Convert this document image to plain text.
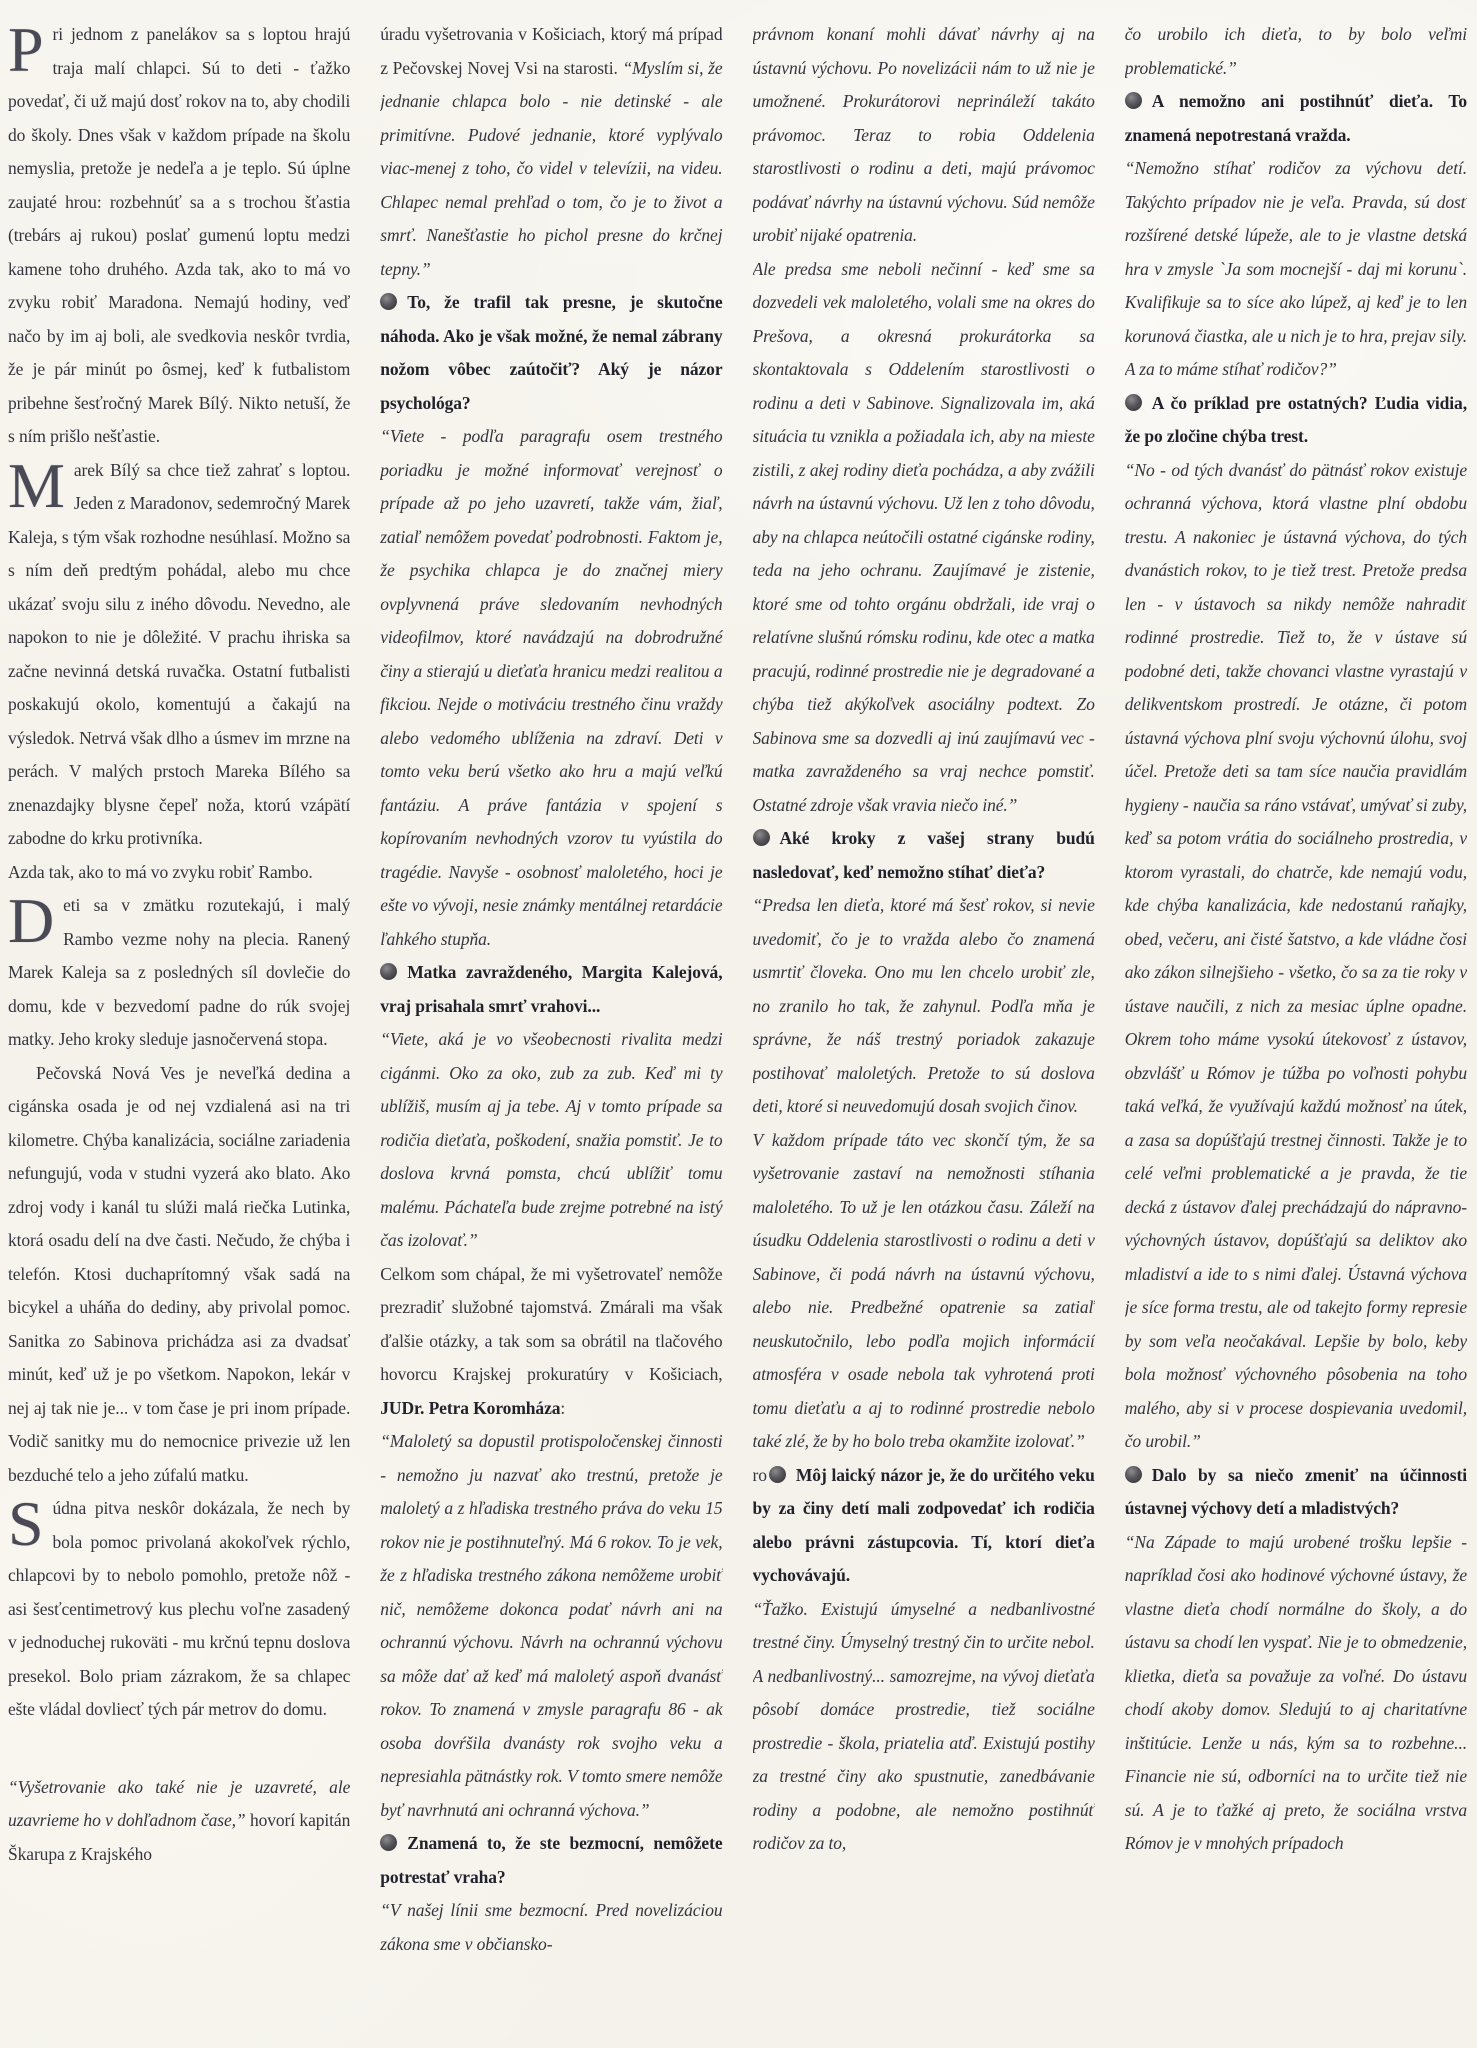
Pri jednom z panelákov sa s loptou hrajú traja malí chlapci. Sú to deti - ťažko povedať, či už majú dosť rokov na to, aby chodili do školy. Dnes však v každom prípade na školu nemyslia, pretože je nedeľa a je teplo. Sú úplne zaujaté hrou: rozbehnúť sa a s trochou šťastia (trebárs aj rukou) poslať gumenú loptu medzi kamene toho druhého. Azda tak, ako to má vo zvyku robiť Maradona. Nemajú hodiny, veď načo by im aj boli, ale svedkovia neskôr tvrdia, že je pár minút po ôsmej, keď k futbalistom pribehne šesťročný Marek Bílý. Nikto netuší, že s ním prišlo nešťastie.

Marek Bílý sa chce tiež zahrať s loptou. Jeden z Maradonov, sedemročný Marek Kaleja, s tým však rozhodne nesúhlasí. Možno sa s ním deň predtým pohádal, alebo mu chce ukázať svoju silu z iného dôvodu. Nevedno, ale napokon to nie je dôležité. V prachu ihriska sa začne nevinná detská ruvačka. Ostatní futbalisti poskakujú okolo, komentujú a čakajú na výsledok. Netrvá však dlho a úsmev im mrzne na perách. V malých prstoch Mareka Bílého sa znenazdajky blysne čepeľ noža, ktorú vzápätí zabodne do krku protivníka.

Azda tak, ako to má vo zvyku robiť Rambo.

Deti sa v zmätku rozutekajú, i malý Rambo vezme nohy na plecia. Ranený Marek Kaleja sa z posledných síl dovlečie do domu, kde v bezvedomí padne do rúk svojej matky. Jeho kroky sleduje jasnočervená stopa.

Pečovská Nová Ves je neveľká dedina a cigánska osada je od nej vzdialená asi na tri kilometre. Chýba kanalizácia, sociálne zariadenia nefungujú, voda v studni vyzerá ako blato. Ako zdroj vody i kanál tu slúži malá riečka Lutinka, ktorá osadu delí na dve časti. Nečudo, že chýba i telefón. Ktosi duchaprítomný však sadá na bicykel a uháňa do dediny, aby privolal pomoc. Sanitka zo Sabinova prichádza asi za dvadsať minút, keď už je po všetkom. Napokon, lekár v nej aj tak nie je... v tom čase je pri inom prípade. Vodič sanitky mu do nemocnice privezie už len bezduché telo a jeho zúfalú matku.

Súdna pitva neskôr dokázala, že nech by bola pomoc privolaná akokoľvek rýchlo, chlapcovi by to nebolo pomohlo, pretože nôž - asi šesťcentimetrový kus plechu voľne zasadený v jednoduchej rukoväti - mu krčnú tepnu doslova presekol. Bolo priam zázrakom, že sa chlapec ešte vládal dovliecť tých pár metrov do domu.

“Vyšetrovanie ako také nie je uzavreté, ale uzavrieme ho v dohľadnom čase,” hovorí kapitán Škarupa z Krajského

úradu vyšetrovania v Košiciach, ktorý má prípad z Pečovskej Novej Vsi na starosti. “Myslím si, že jednanie chlapca bolo - nie detinské - ale primitívne. Pudové jednanie, ktoré vyplývalo viac-menej z toho, čo videl v televízii, na videu. Chlapec nemal prehľad o tom, čo je to život a smrť. Nanešťastie ho pichol presne do krčnej tepny.”

To, že trafil tak presne, je skutočne náhoda. Ako je však možné, že nemal zábrany nožom vôbec zaútočiť? Aký je názor psychológa?

“Viete - podľa paragrafu osem trestného poriadku je možné informovať verejnosť o prípade až po jeho uzavretí, takže vám, žiaľ, zatiaľ nemôžem povedať podrobnosti. Faktom je, že psychika chlapca je do značnej miery ovplyvnená práve sledovaním nevhodných videofilmov, ktoré navádzajú na dobrodružné činy a stierajú u dieťaťa hranicu medzi realitou a fikciou. Nejde o motiváciu trestného činu vraždy alebo vedomého ublíženia na zdraví. Deti v tomto veku berú všetko ako hru a majú veľkú fantáziu. A práve fantázia v spojení s kopírovaním nevhodných vzorov tu vyústila do tragédie. Navyše - osobnosť maloletého, hoci je ešte vo vývoji, nesie známky mentálnej retardácie ľahkého stupňa.

Matka zavraždeného, Margita Kalejová, vraj prisahala smrť vrahovi...

“Viete, aká je vo všeobecnosti rivalita medzi cigánmi. Oko za oko, zub za zub. Keď mi ty ublížiš, musím aj ja tebe. Aj v tomto prípade sa rodičia dieťaťa, poškodení, snažia pomstiť. Je to doslova krvná pomsta, chcú ublížiť tomu malému. Páchateľa bude zrejme potrebné na istý čas izolovať.”

Celkom som chápal, že mi vyšetrovateľ nemôže prezradiť služobné tajomstvá. Zmárali ma však ďalšie otázky, a tak som sa obrátil na tlačového hovorcu Krajskej prokuratúry v Košiciach, JUDr. Petra Koromháza:

“Maloletý sa dopustil protispoločenskej činnosti - nemožno ju nazvať ako trestnú, pretože je maloletý a z hľadiska trestného práva do veku 15 rokov nie je postihnuteľný. Má 6 rokov. To je vek, že z hľadiska trestného zákona nemôžeme urobiť nič, nemôžeme dokonca podať návrh ani na ochrannú výchovu. Návrh na ochrannú výchovu sa môže dať až keď má maloletý aspoň dvanásť rokov. To znamená v zmysle paragrafu 86 - ak osoba dovŕšila dvanásty rok svojho veku a nepresiahla pätnástky rok. V tomto smere nemôže byť navrhnutá ani ochranná výchova.”

Znamená to, že ste bezmocní, nemôžete potrestať vraha?

“V našej línii sme bezmocní. Pred novelizáciou zákona sme v občiansko-

právnom konaní mohli dávať návrhy aj na ústavnú výchovu. Po novelizácii nám to už nie je umožnené. Prokurátorovi neprináleží takáto právomoc. Teraz to robia Oddelenia starostlivosti o rodinu a deti, majú právomoc podávať návrhy na ústavnú výchovu. Súd nemôže urobiť nijaké opatrenia.

Ale predsa sme neboli nečinní - keď sme sa dozvedeli vek maloletého, volali sme na okres do Prešova, a okresná prokurátorka sa skontaktovala s Oddelením starostlivosti o rodinu a deti v Sabinove. Signalizovala im, aká situácia tu vznikla a požiadala ich, aby na mieste zistili, z akej rodiny dieťa pochádza, a aby zvážili návrh na ústavnú výchovu. Už len z toho dôvodu, aby na chlapca neútočili ostatné cigánske rodiny, teda na jeho ochranu. Zaujímavé je zistenie, ktoré sme od tohto orgánu obdržali, ide vraj o relatívne slušnú rómsku rodinu, kde otec a matka pracujú, rodinné prostredie nie je degradované a chýba tiež akýkoľvek asociálny podtext. Zo Sabinova sme sa dozvedli aj inú zaujímavú vec - matka zavraždeného sa vraj nechce pomstiť. Ostatné zdroje však vravia niečo iné.”

Aké kroky z vašej strany budú nasledovať, keď nemožno stíhať dieťa?

“Predsa len dieťa, ktoré má šesť rokov, si nevie uvedomiť, čo je to vražda alebo čo znamená usmrtiť človeka. Ono mu len chcelo urobiť zle, no zranilo ho tak, že zahynul. Podľa mňa je správne, že náš trestný poriadok zakazuje postihovať maloletých. Pretože to sú doslova deti, ktoré si neuvedomujú dosah svojich činov.

V každom prípade táto vec skončí tým, že sa vyšetrovanie zastaví na nemožnosti stíhania maloletého. To už je len otázkou času. Záleží na úsudku Oddelenia starostlivosti o rodinu a deti v Sabinove, či podá návrh na ústavnú výchovu, alebo nie. Predbežné opatrenie sa zatiaľ neuskutočnilo, lebo podľa mojich informácií atmosféra v osade nebola tak vyhrotená proti tomu dieťaťu a aj to rodinné prostredie nebolo také zlé, že by ho bolo treba okamžite izolovať.”

ro Môj laický názor je, že do určitého veku by za činy detí mali zodpovedať ich rodičia alebo právni zástupcovia. Tí, ktorí dieťa vychovávajú.

“Ťažko. Existujú úmyselné a nedbanlivostné trestné činy. Úmyselný trestný čin to určite nebol. A nedbanlivostný... samozrejme, na vývoj dieťaťa pôsobí domáce prostredie, tiež sociálne prostredie - škola, priatelia atď. Existujú postihy za trestné činy ako spustnutie, zanedbávanie rodiny a podobne, ale nemožno postihnúť rodičov za to,

čo urobilo ich dieťa, to by bolo veľmi problematické.”

A nemožno ani postihnúť dieťa. To znamená nepotrestaná vražda.

“Nemožno stíhať rodičov za výchovu detí. Takýchto prípadov nie je veľa. Pravda, sú dosť rozšírené detské lúpeže, ale to je vlastne detská hra v zmysle `Ja som mocnejší - daj mi korunu`. Kvalifikuje sa to síce ako lúpež, aj keď je to len korunová čiastka, ale u nich je to hra, prejav sily. A za to máme stíhať rodičov?”

A čo príklad pre ostatných? Ľudia vidia, že po zločine chýba trest.

“No - od tých dvanásť do pätnásť rokov existuje ochranná výchova, ktorá vlastne plní obdobu trestu. A nakoniec je ústavná výchova, do tých dvanástich rokov, to je tiež trest. Pretože predsa len - v ústavoch sa nikdy nemôže nahradiť rodinné prostredie. Tiež to, že v ústave sú podobné deti, takže chovanci vlastne vyrastajú v delikventskom prostredí. Je otázne, či potom ústavná výchova plní svoju výchovnú úlohu, svoj účel. Pretože deti sa tam síce naučia pravidlám hygieny - naučia sa ráno vstávať, umývať si zuby, keď sa potom vrátia do sociálneho prostredia, v ktorom vyrastali, do chatrče, kde nemajú vodu, kde chýba kanalizácia, kde nedostanú raňajky, obed, večeru, ani čisté šatstvo, a kde vládne čosi ako zákon silnejšieho - všetko, čo sa za tie roky v ústave naučili, z nich za mesiac úplne opadne. Okrem toho máme vysokú útekovosť z ústavov, obzvlášť u Rómov je túžba po voľnosti pohybu taká veľká, že využívajú každú možnosť na útek, a zasa sa dopúšťajú trestnej činnosti. Takže je to celé veľmi problematické a je pravda, že tie decká z ústavov ďalej prechádzajú do nápravno-výchovných ústavov, dopúšťajú sa deliktov ako mladiství a ide to s nimi ďalej. Ústavná výchova je síce forma trestu, ale od takejto formy represie by som veľa neočakával. Lepšie by bolo, keby bola možnosť výchovného pôsobenia na toho malého, aby si v procese dospievania uvedomil, čo urobil.”

Dalo by sa niečo zmeniť na účinnosti ústavnej výchovy detí a mladistvých?

“Na Západe to majú urobené trošku lepšie - napríklad čosi ako hodinové výchovné ústavy, že vlastne dieťa chodí normálne do školy, a do ústavu sa chodí len vyspať. Nie je to obmedzenie, klietka, dieťa sa považuje za voľné. Do ústavu chodí akoby domov. Sledujú to aj charitatívne inštitúcie. Lenže u nás, kým sa to rozbehne... Financie nie sú, odborníci na to určite tiež nie sú. A je to ťažké aj preto, že sociálna vrstva Rómov je v mnohých prípadoch
